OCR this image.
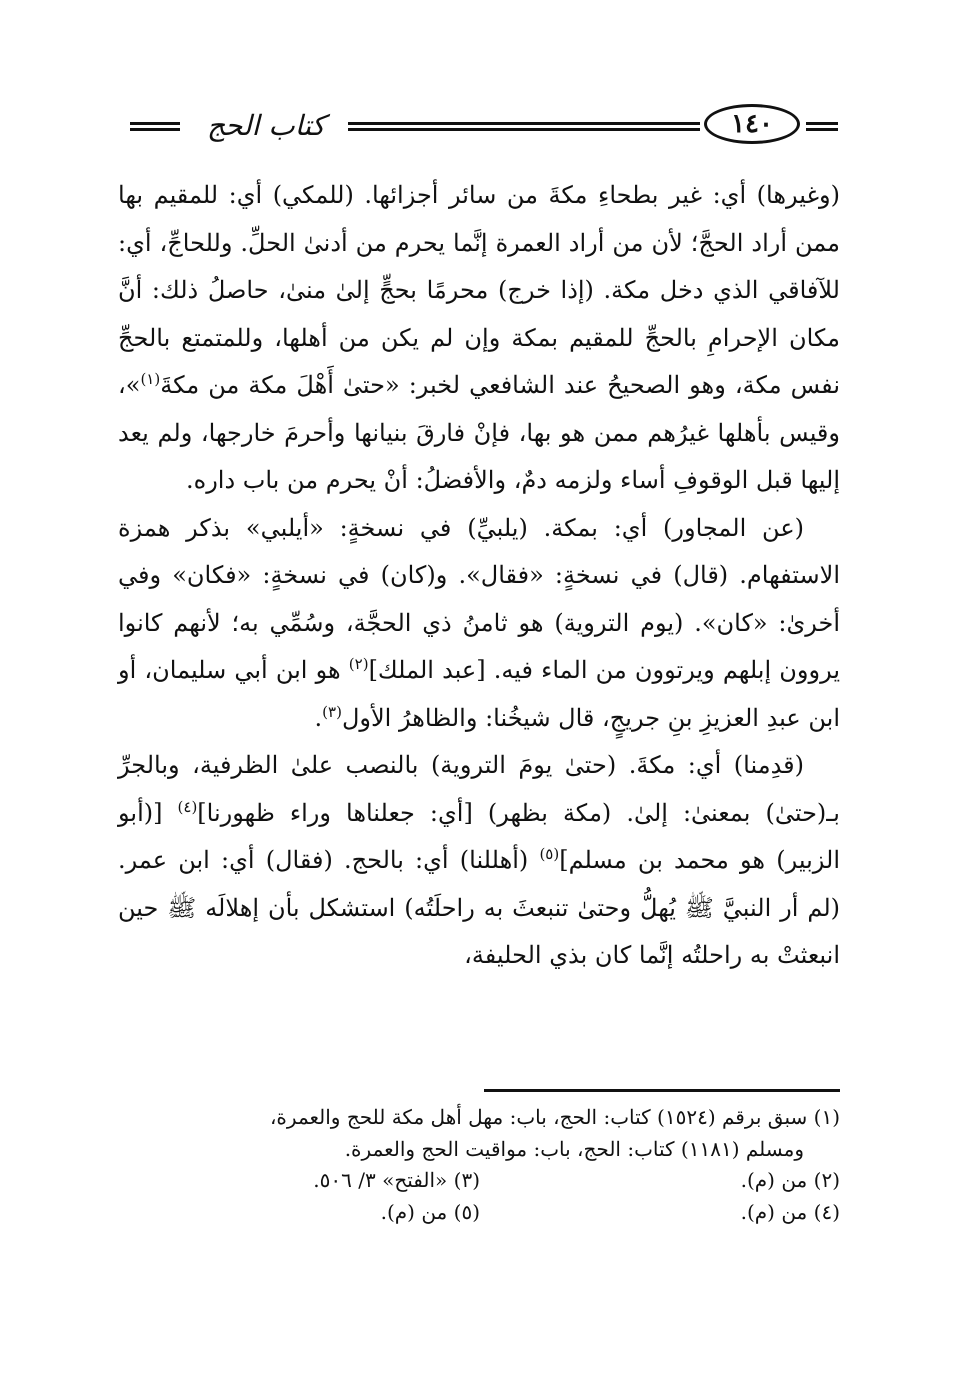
كتاب الحج	١٤٠

(وغيرها) أي: غير بطحاءِ مكةَ من سائر أجزائها. (للمكي) أي: للمقيم بها ممن أراد الحجَّ؛ لأن من أراد العمرة إنَّما يحرم من أدنىٰ الحلِّ. وللحاجِّ، أي: للآفاقي الذي دخل مكة. (إذا خرج) محرمًا بحجٍّ إلىٰ منىٰ، حاصلُ ذلك: أنَّ مكان الإحرامِ بالحجِّ للمقيم بمكة وإن لم يكن من أهلها، وللمتمتع بالحجِّ نفس مكة، وهو الصحيحُ عند الشافعي لخبر: «حتىٰ أَهْلَ مكة من مكةَ$^{(١)}$»، وقيس بأهلها غيرُهم ممن هو بها، فإنْ فارقَ بنيانها وأحرمَ خارجها، ولم يعد إليها قبل الوقوفِ أساء ولزمه دمٌ، والأفضلُ: أنْ يحرم من باب داره.

(عن المجاور) أي: بمكة. (يلبيِّ) في نسخةٍ: «أيلبي» بذكر همزة الاستفهام. (قال) في نسخةٍ: «فقال». و(كان) في نسخةٍ: «فكان» وفي أخرىٰ: «كان». (يوم التروية) هو ثامنُ ذي الحجَّة، وسُمِّي به؛ لأنهم كانوا يروون إبلهم ويرتوون من الماء فيه. [عبد الملك]$^{(٢)}$ هو ابن أبي سليمان، أو ابن عبدِ العزيزِ بنِ جريجٍ، قال شيخُنا: والظاهرُ الأول$^{(٣)}$.

(قدِمنا) أي: مكةَ. (حتىٰ يومَ التروية) بالنصب علىٰ الظرفية، وبالجرِّ بـ(حتىٰ) بمعنىٰ: إلىٰ. (مكة بظهر) [أي: جعلناها وراء ظهورنا]$^{(٤)}$ [(أبو الزبير) هو محمد بن مسلم]$^{(٥)}$ (أهللنا) أي: بالحج. (فقال) أي: ابن عمر. (لم أر النبيَّ ﷺ يُهلُّ وحتىٰ تنبعثَ به راحلَتُه) استشكل بأن إهلالَه ﷺ حين انبعثتْ به راحلتُه إنَّما كان بذي الحليفة،

(١) سبق برقم (١٥٢٤) كتاب: الحج، باب: مهل أهل مكة للحج والعمرة،
ومسلم (١١٨١) كتاب: الحج، باب: مواقيت الحج والعمرة.
(٢) من (م).
(٣) «الفتح» ٣/ ٥٠٦.
(٤) من (م).
(٥) من (م).
